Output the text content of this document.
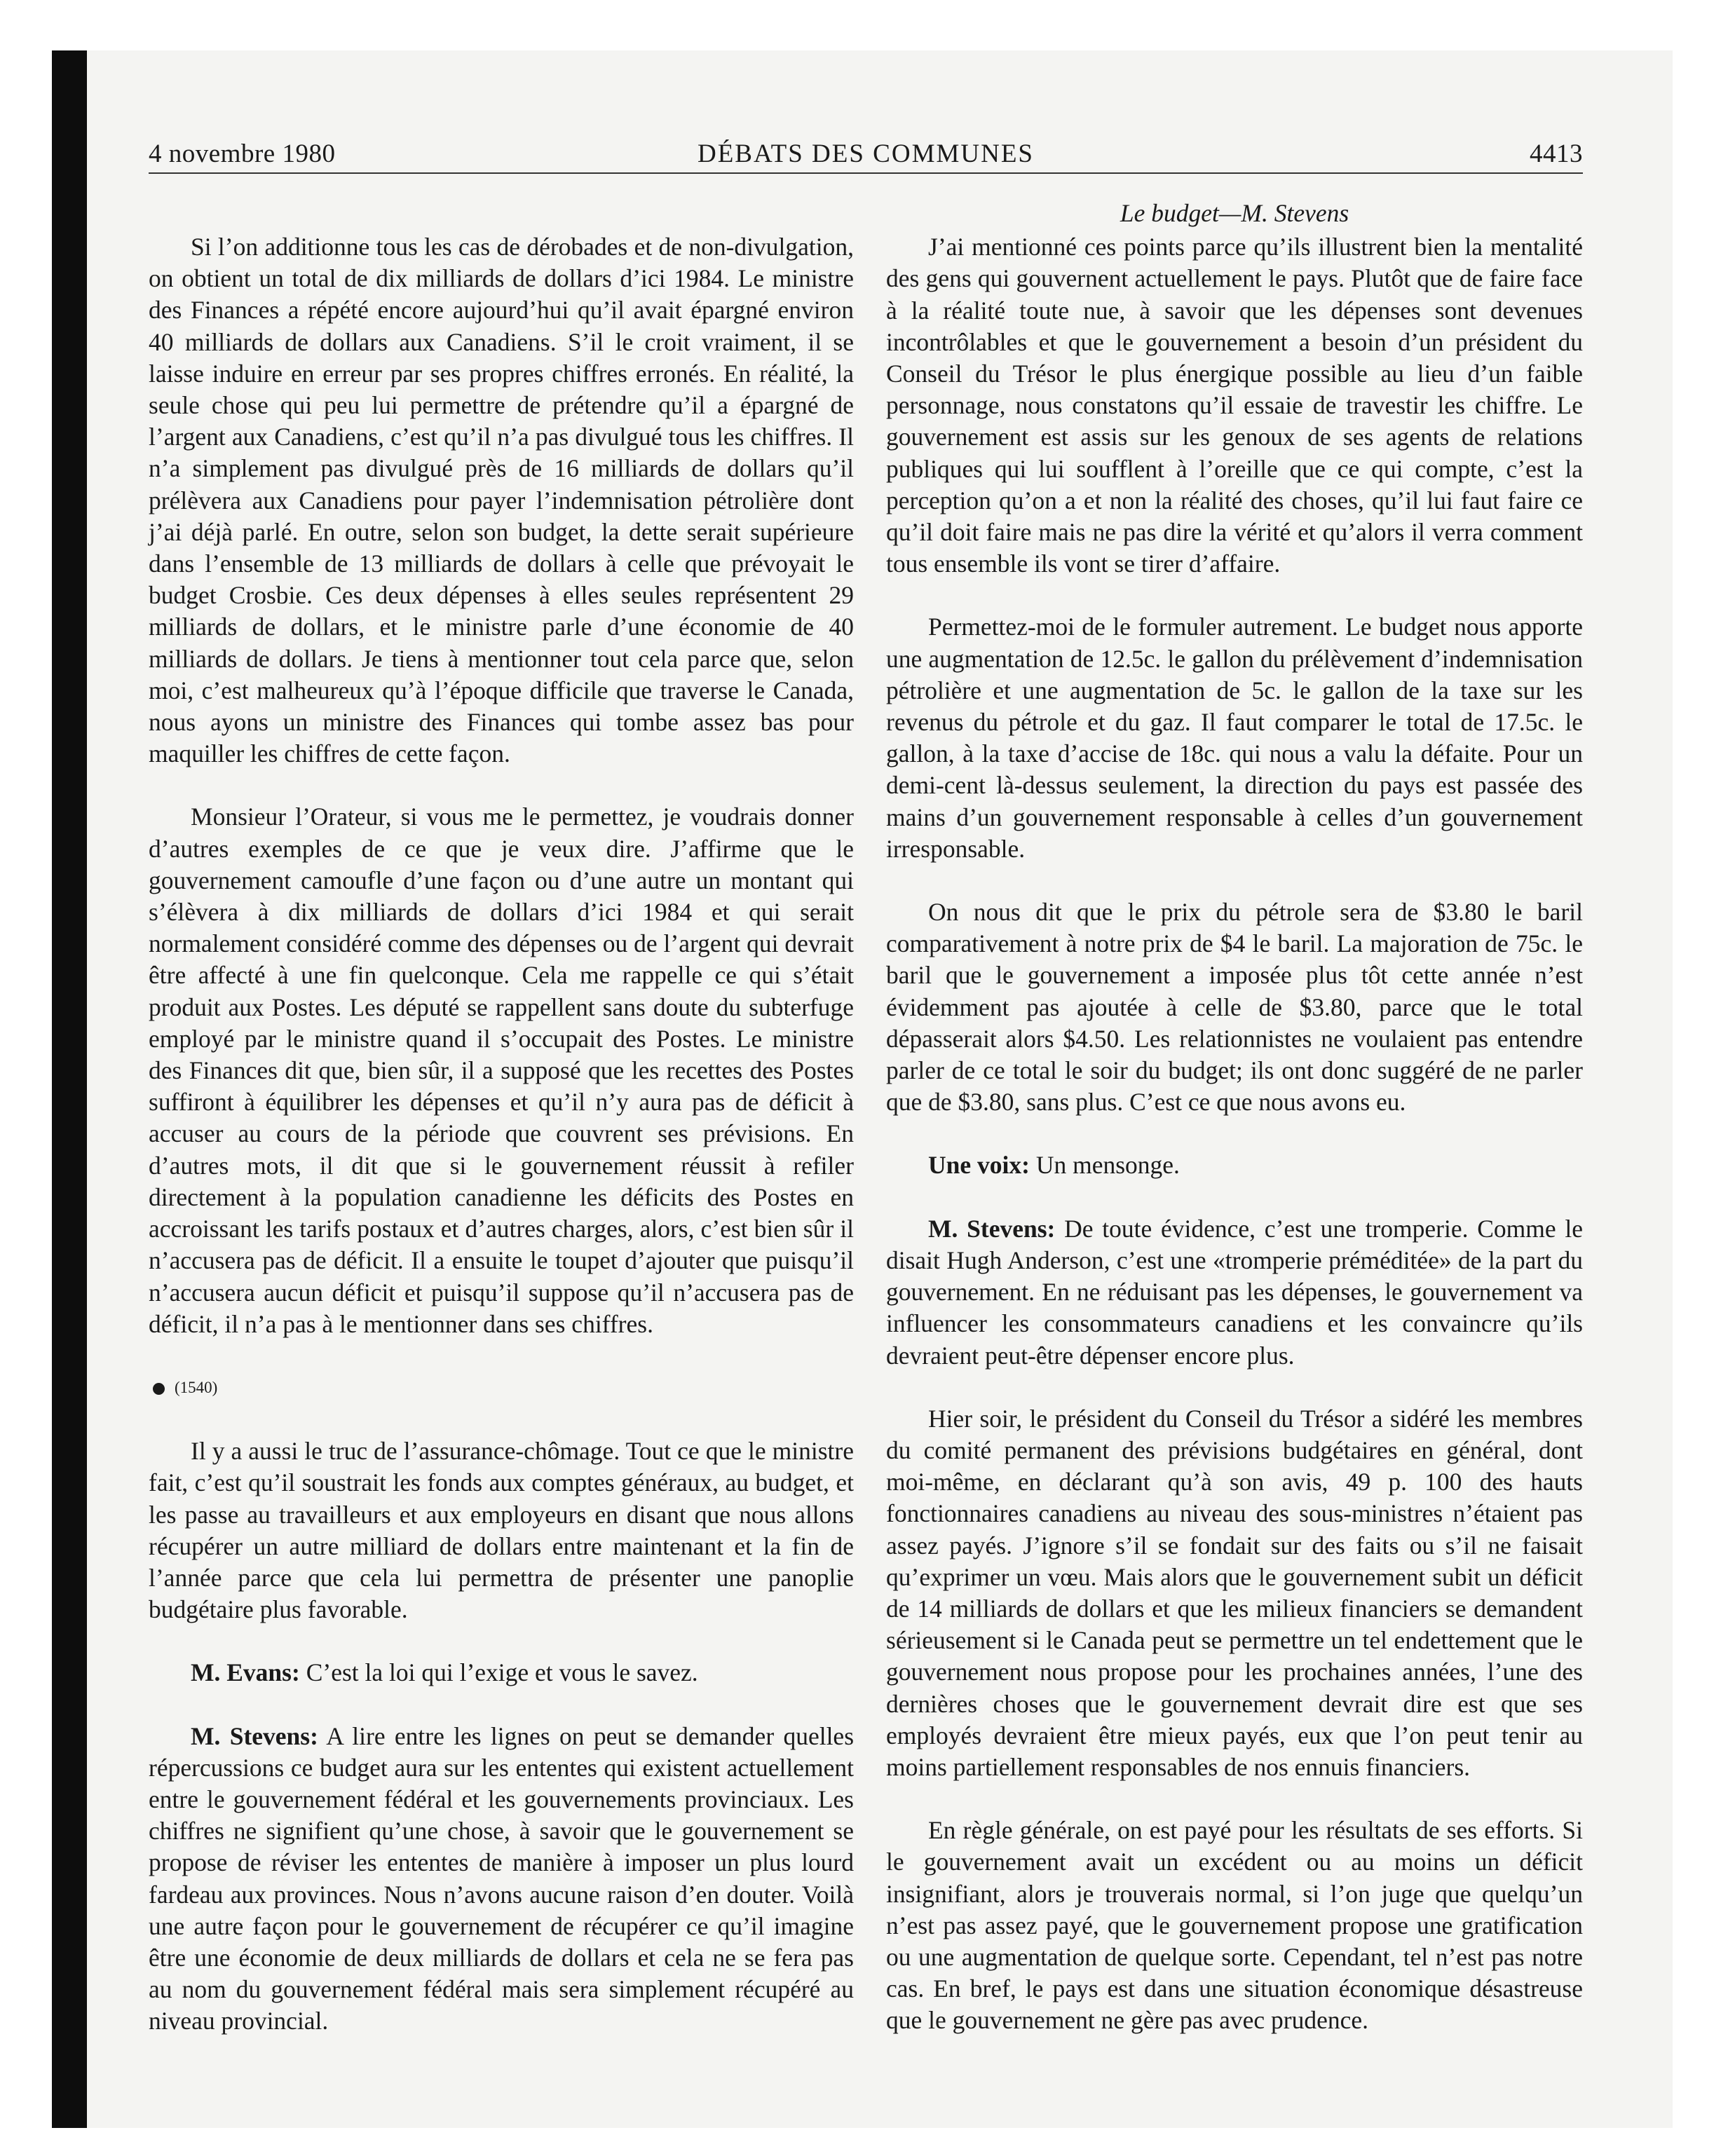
4 novembre 1980	DÉBATS DES COMMUNES	4413

Si l’on additionne tous les cas de dérobades et de non-divulgation, on obtient un total de dix milliards de dollars d’ici 1984. Le ministre des Finances a répété encore aujourd’hui qu’il avait épargné environ 40 milliards de dollars aux Canadiens. S’il le croit vraiment, il se laisse induire en erreur par ses propres chiffres erronés. En réalité, la seule chose qui peu lui permettre de prétendre qu’il a épargné de l’argent aux Canadiens, c’est qu’il n’a pas divulgué tous les chiffres. Il n’a simplement pas divulgué près de 16 milliards de dollars qu’il prélèvera aux Canadiens pour payer l’indemnisation pétrolière dont j’ai déjà parlé. En outre, selon son budget, la dette serait supérieure dans l’ensemble de 13 milliards de dollars à celle que prévoyait le budget Crosbie. Ces deux dépenses à elles seules représentent 29 milliards de dollars, et le ministre parle d’une économie de 40 milliards de dollars. Je tiens à mentionner tout cela parce que, selon moi, c’est malheureux qu’à l’époque difficile que traverse le Canada, nous ayons un ministre des Finances qui tombe assez bas pour maquiller les chiffres de cette façon.

Monsieur l’Orateur, si vous me le permettez, je voudrais donner d’autres exemples de ce que je veux dire. J’affirme que le gouvernement camoufle d’une façon ou d’une autre un montant qui s’élèvera à dix milliards de dollars d’ici 1984 et qui serait normalement considéré comme des dépenses ou de l’argent qui devrait être affecté à une fin quelconque. Cela me rappelle ce qui s’était produit aux Postes. Les député se rappellent sans doute du subterfuge employé par le ministre quand il s’occupait des Postes. Le ministre des Finances dit que, bien sûr, il a supposé que les recettes des Postes suffiront à équilibrer les dépenses et qu’il n’y aura pas de déficit à accuser au cours de la période que couvrent ses prévisions. En d’autres mots, il dit que si le gouvernement réussit à refiler directement à la population canadienne les déficits des Postes en accroissant les tarifs postaux et d’autres charges, alors, c’est bien sûr il n’accusera pas de déficit. Il a ensuite le toupet d’ajouter que puisqu’il n’accusera aucun déficit et puisqu’il suppose qu’il n’accusera pas de déficit, il n’a pas à le mentionner dans ses chiffres.

(1540)

Il y a aussi le truc de l’assurance-chômage. Tout ce que le ministre fait, c’est qu’il soustrait les fonds aux comptes généraux, au budget, et les passe au travailleurs et aux employeurs en disant que nous allons récupérer un autre milliard de dollars entre maintenant et la fin de l’année parce que cela lui permettra de présenter une panoplie budgétaire plus favorable.

M. Evans: C’est la loi qui l’exige et vous le savez.

M. Stevens: A lire entre les lignes on peut se demander quelles répercussions ce budget aura sur les ententes qui existent actuellement entre le gouvernement fédéral et les gouvernements provinciaux. Les chiffres ne signifient qu’une chose, à savoir que le gouvernement se propose de réviser les ententes de manière à imposer un plus lourd fardeau aux provinces. Nous n’avons aucune raison d’en douter. Voilà une autre façon pour le gouvernement de récupérer ce qu’il imagine être une économie de deux milliards de dollars et cela ne se fera pas au nom du gouvernement fédéral mais sera simplement récupéré au niveau provincial.

Le budget—M. Stevens

J’ai mentionné ces points parce qu’ils illustrent bien la mentalité des gens qui gouvernent actuellement le pays. Plutôt que de faire face à la réalité toute nue, à savoir que les dépenses sont devenues incontrôlables et que le gouvernement a besoin d’un président du Conseil du Trésor le plus énergique possible au lieu d’un faible personnage, nous constatons qu’il essaie de travestir les chiffre. Le gouvernement est assis sur les genoux de ses agents de relations publiques qui lui soufflent à l’oreille que ce qui compte, c’est la perception qu’on a et non la réalité des choses, qu’il lui faut faire ce qu’il doit faire mais ne pas dire la vérité et qu’alors il verra comment tous ensemble ils vont se tirer d’affaire.

Permettez-moi de le formuler autrement. Le budget nous apporte une augmentation de 12.5c. le gallon du prélèvement d’indemnisation pétrolière et une augmentation de 5c. le gallon de la taxe sur les revenus du pétrole et du gaz. Il faut comparer le total de 17.5c. le gallon, à la taxe d’accise de 18c. qui nous a valu la défaite. Pour un demi-cent là-dessus seulement, la direction du pays est passée des mains d’un gouvernement responsable à celles d’un gouvernement irresponsable.

On nous dit que le prix du pétrole sera de $3.80 le baril comparativement à notre prix de $4 le baril. La majoration de 75c. le baril que le gouvernement a imposée plus tôt cette année n’est évidemment pas ajoutée à celle de $3.80, parce que le total dépasserait alors $4.50. Les relationnistes ne voulaient pas entendre parler de ce total le soir du budget; ils ont donc suggéré de ne parler que de $3.80, sans plus. C’est ce que nous avons eu.

Une voix: Un mensonge.

M. Stevens: De toute évidence, c’est une tromperie. Comme le disait Hugh Anderson, c’est une «tromperie préméditée» de la part du gouvernement. En ne réduisant pas les dépenses, le gouvernement va influencer les consommateurs canadiens et les convaincre qu’ils devraient peut-être dépenser encore plus.

Hier soir, le président du Conseil du Trésor a sidéré les membres du comité permanent des prévisions budgétaires en général, dont moi-même, en déclarant qu’à son avis, 49 p. 100 des hauts fonctionnaires canadiens au niveau des sous-ministres n’étaient pas assez payés. J’ignore s’il se fondait sur des faits ou s’il ne faisait qu’exprimer un vœu. Mais alors que le gouvernement subit un déficit de 14 milliards de dollars et que les milieux financiers se demandent sérieusement si le Canada peut se permettre un tel endettement que le gouvernement nous propose pour les prochaines années, l’une des dernières choses que le gouvernement devrait dire est que ses employés devraient être mieux payés, eux que l’on peut tenir au moins partiellement responsables de nos ennuis financiers.

En règle générale, on est payé pour les résultats de ses efforts. Si le gouvernement avait un excédent ou au moins un déficit insignifiant, alors je trouverais normal, si l’on juge que quelqu’un n’est pas assez payé, que le gouvernement propose une gratification ou une augmentation de quelque sorte. Cependant, tel n’est pas notre cas. En bref, le pays est dans une situation économique désastreuse que le gouvernement ne gère pas avec prudence.
